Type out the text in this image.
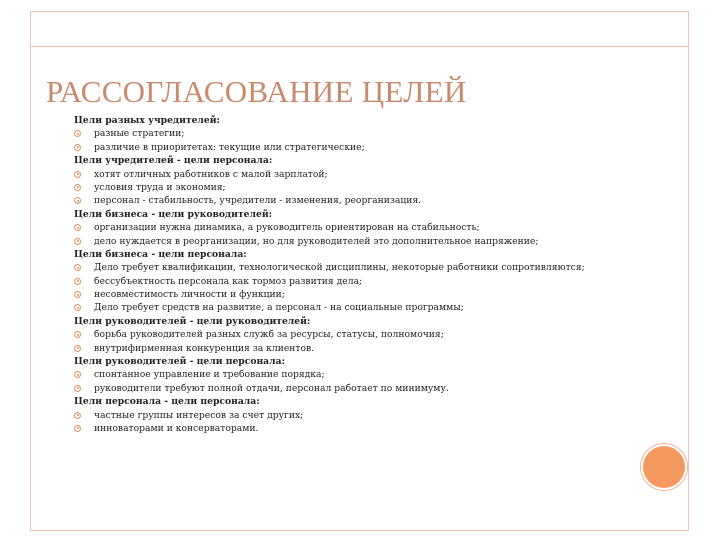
РАССОГЛАСОВАНИЕ ЦЕЛЕЙ
Цели разных учредителей:
разные стратегии;
различие в приоритетах: текущие или стратегические;
Цели учредителей - цели персонала:
хотят отличных работников с малой зарплатой;
условия труда и экономия;
персонал - стабильность, учредители - изменения, реорганизация.
Цели бизнеса - цели руководителей:
организации нужна динамика, а руководитель ориентирован на стабильность;
дело нуждается в реорганизации, но для руководителей это дополнительное напряжение;
Цели бизнеса - цели персонала:
Дело требует квалификации, технологической дисциплины, некоторые работники сопротивляются;
бессубъектность персонала как тормоз развития дела;
несовместимость личности и функции;
Дело требует средств на развитие, а персонал - на социальные программы;
Цели руководителей - цели руководителей:
борьба руководителей разных служб за ресурсы, статусы, полномочия;
внутрифирменная конкуренция за клиентов.
Цели руководителей - цели персонала:
спонтанное управление и требование порядка;
руководители требуют полной отдачи, персонал работает по минимуму.
Цели персонала - цели персонала:
частные группы интересов за счет других;
инноваторами и консерваторами.
